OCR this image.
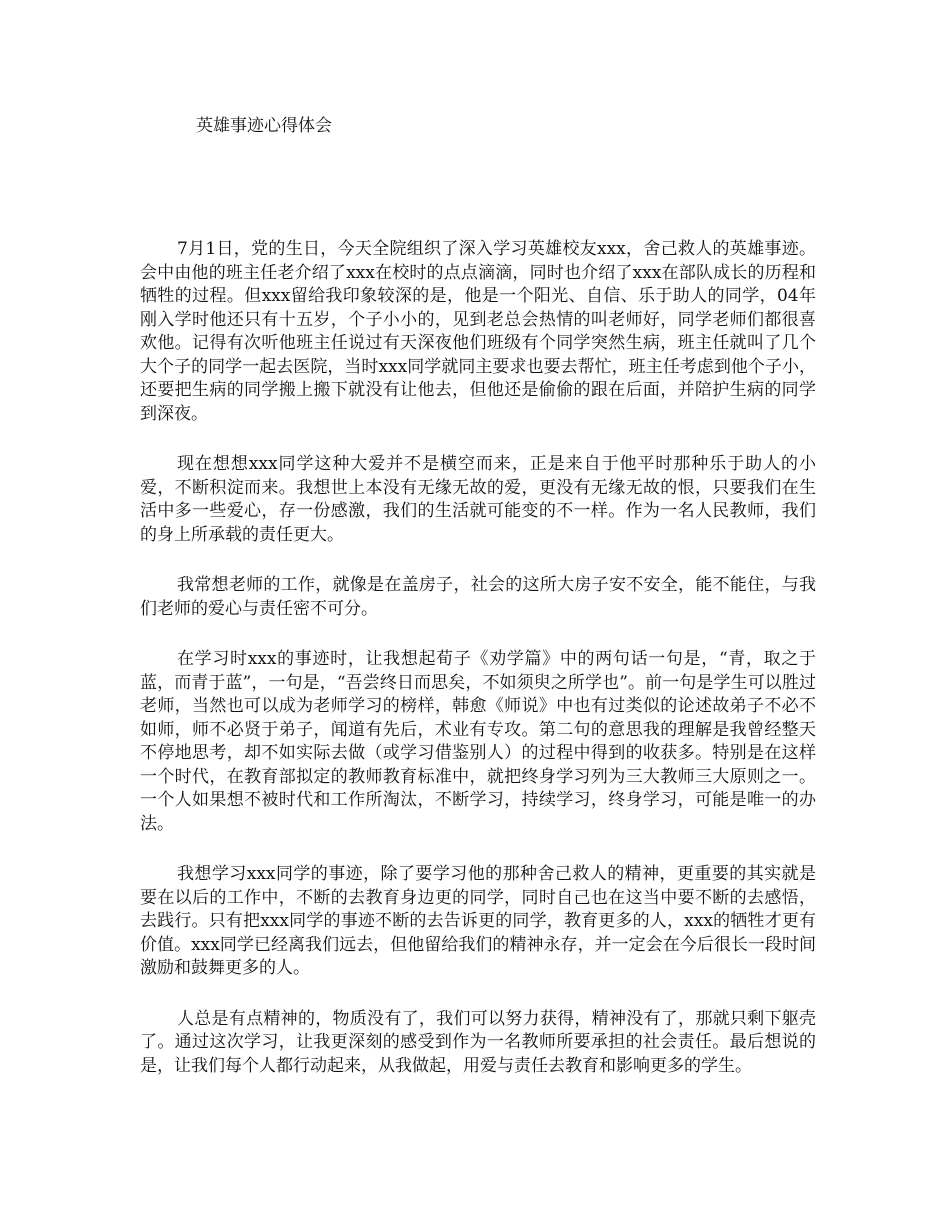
英雄事迹心得体会

7月1日，党的生日，今天全院组织了深入学习英雄校友xxx，舍己救人的英雄事迹。会中由他的班主任老介绍了xxx在校时的点点滴滴，同时也介绍了xxx在部队成长的历程和牺牲的过程。但xxx留给我印象较深的是，他是一个阳光、自信、乐于助人的同学，04年刚入学时他还只有十五岁，个子小小的，见到老总会热情的叫老师好，同学老师们都很喜欢他。记得有次听他班主任说过有天深夜他们班级有个同学突然生病，班主任就叫了几个大个子的同学一起去医院，当时xxx同学就同主要求也要去帮忙，班主任考虑到他个子小，还要把生病的同学搬上搬下就没有让他去，但他还是偷偷的跟在后面，并陪护生病的同学到深夜。

现在想想xxx同学这种大爱并不是横空而来，正是来自于他平时那种乐于助人的小爱，不断积淀而来。我想世上本没有无缘无故的爱，更没有无缘无故的恨，只要我们在生活中多一些爱心，存一份感激，我们的生活就可能变的不一样。作为一名人民教师，我们的身上所承载的责任更大。

我常想老师的工作，就像是在盖房子，社会的这所大房子安不安全，能不能住，与我们老师的爱心与责任密不可分。

在学习时xxx的事迹时，让我想起荀子《劝学篇》中的两句话一句是，“青，取之于蓝，而青于蓝”，一句是，“吾尝终日而思矣，不如须臾之所学也”。前一句是学生可以胜过老师，当然也可以成为老师学习的榜样，韩愈《师说》中也有过类似的论述故弟子不必不如师，师不必贤于弟子，闻道有先后，术业有专攻。第二句的意思我的理解是我曾经整天不停地思考，却不如实际去做（或学习借鉴别人）的过程中得到的收获多。特别是在这样一个时代，在教育部拟定的教师教育标准中，就把终身学习列为三大教师三大原则之一。一个人如果想不被时代和工作所淘汰，不断学习，持续学习，终身学习，可能是唯一的办法。

我想学习xxx同学的事迹，除了要学习他的那种舍己救人的精神，更重要的其实就是要在以后的工作中，不断的去教育身边更的同学，同时自己也在这当中要不断的去感悟，去践行。只有把xxx同学的事迹不断的去告诉更的同学，教育更多的人，xxx的牺牲才更有价值。xxx同学已经离我们远去，但他留给我们的精神永存，并一定会在今后很长一段时间激励和鼓舞更多的人。

人总是有点精神的，物质没有了，我们可以努力获得，精神没有了，那就只剩下躯壳了。通过这次学习，让我更深刻的感受到作为一名教师所要承担的社会责任。最后想说的是，让我们每个人都行动起来，从我做起，用爱与责任去教育和影响更多的学生。
